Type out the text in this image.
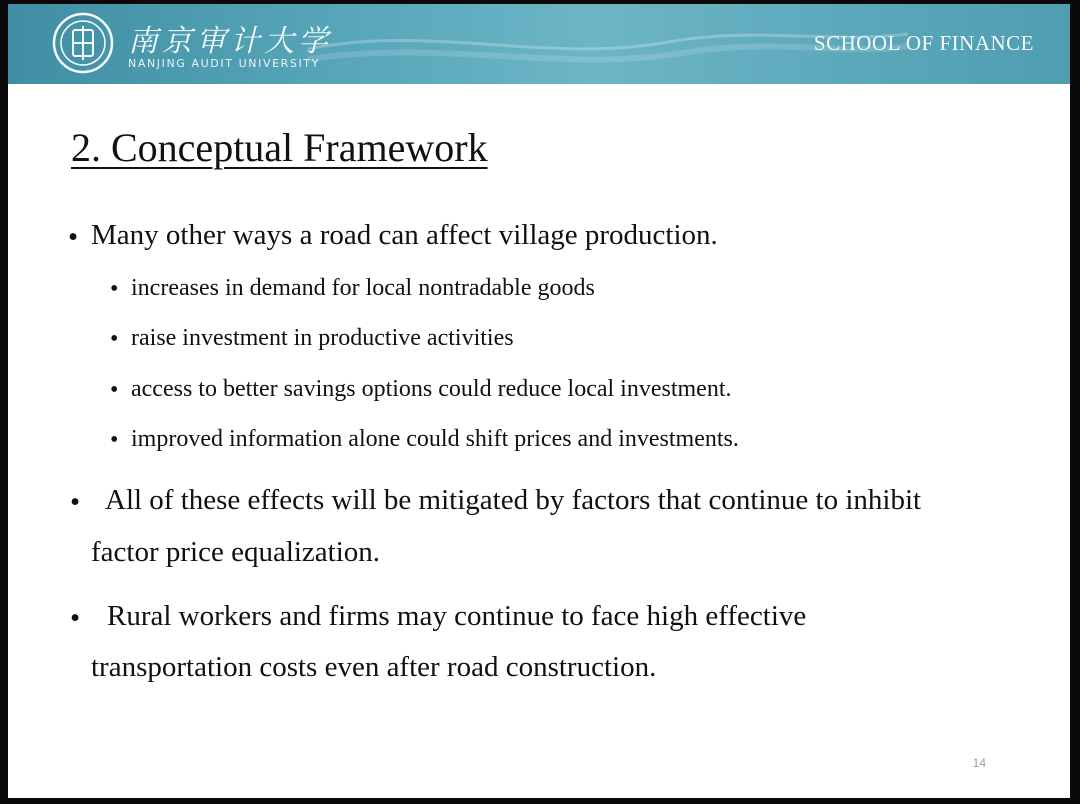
南京审计大学
NANJING AUDIT UNIVERSITY
SCHOOL OF FINANCE
2. Conceptual Framework
• Many other ways a road can affect village production.
• increases in demand for local nontradable goods
• raise investment in productive activities
• access to better savings options could reduce local investment.
• improved information alone could shift prices and investments.
• All of these effects will be mitigated by factors that continue to inhibit
factor price equalization.
• Rural workers and firms may continue to face high effective
transportation costs even after road construction.
14
